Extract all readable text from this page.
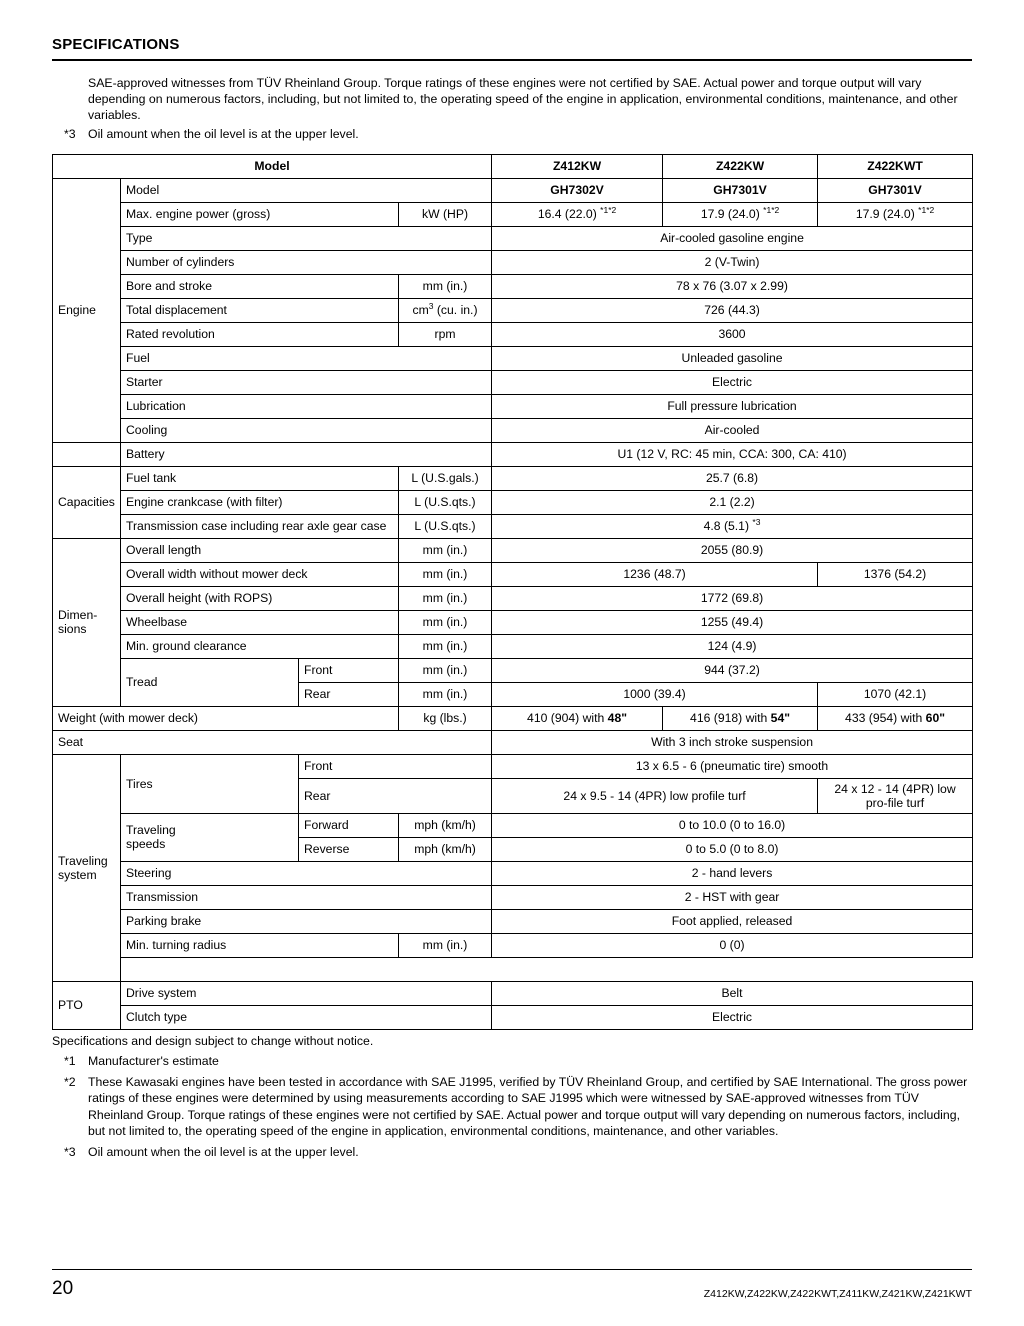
SPECIFICATIONS
SAE-approved witnesses from TÜV Rheinland Group. Torque ratings of these engines were not certified by SAE. Actual power and torque output will vary depending on numerous factors, including, but not limited to, the operating speed of the engine in application, environmental conditions, maintenance, and other variables.
*3	Oil amount when the oil level is at the upper level.
Model				Z412KW	Z422KW	Z422KWT
Engine	Model			GH7302V	GH7301V	GH7301V
	Max. engine power (gross)		kW (HP)	16.4 (22.0) $^{*1*2}$	17.9 (24.0) $^{*1*2}$	17.9 (24.0) $^{*1*2}$
	Type			Air-cooled gasoline engine		
	Number of cylinders			2 (V-Twin)		
	Bore and stroke		mm (in.)	78 x 76 (3.07 x 2.99)		
	Total displacement		$cm^3$ (cu. in.)	726 (44.3)		
	Rated revolution		rpm	3600		
	Fuel			Unleaded gasoline		
	Starter			Electric		
	Lubrication			Full pressure lubrication		
	Cooling			Air-cooled		
	Battery			U1 (12 V, RC: 45 min, CCA: 300, CA: 410)		
Capacities	Fuel tank		L (U.S.gals.)	25.7 (6.8)		
	Engine crankcase (with filter)		L (U.S.qts.)	2.1 (2.2)		
	Transmission case including rear axle gear case		L (U.S.qts.)	4.8 (5.1) $^{*3}$
Dimen-
sions	Overall length		mm (in.)	2055 (80.9)		
	Overall width without mower deck		mm (in.)	1236 (48.7)		1376 (54.2)
	Overall height (with ROPS)		mm (in.)	1772 (69.8)		
	Wheelbase		mm (in.)	1255 (49.4)		
	Min. ground clearance		mm (in.)	124 (4.9)		
	Tread	Front	mm (in.)	944 (37.2)		
		Rear	mm (in.)	1000 (39.4)		1070 (42.1)
Weight (with mower deck)			kg (lbs.)	410 (904) with 48"	416 (918) with 54"	433 (954) with 60"
Seat				With 3 inch stroke suspension		
Traveling
system	Tires	Front		13 x 6.5 - 6 (pneumatic tire) smooth		
		Rear		24 x 9.5 - 14 (4PR) low profile turf		24 x 12 - 14 (4PR) low pro-file turf
	Traveling
speeds	Forward	mph (km/h)	0 to 10.0 (0 to 16.0)		
		Reverse	mph (km/h)	0 to 5.0 (0 to 8.0)		
	Steering			2 - hand levers		
	Transmission			2 - HST with gear		
	Parking brake			Foot applied, released		
	Min. turning radius		mm (in.)	0 (0)		

PTO	Drive system			Belt		
	Clutch type			Electric		
Specifications and design subject to change without notice.
*1	Manufacturer's estimate
*2	These Kawasaki engines have been tested in accordance with SAE J1995, verified by TÜV Rheinland Group, and certified by SAE International. The gross power ratings of these engines were determined by using measurements according to SAE J1995 which were witnessed by SAE-approved witnesses from TÜV Rheinland Group. Torque ratings of these engines were not certified by SAE. Actual power and torque output will vary depending on numerous factors, including, but not limited to, the operating speed of the engine in application, environmental conditions, maintenance, and other variables.
*3	Oil amount when the oil level is at the upper level.
20	Z412KW,Z422KW,Z422KWT,Z411KW,Z421KW,Z421KWT
